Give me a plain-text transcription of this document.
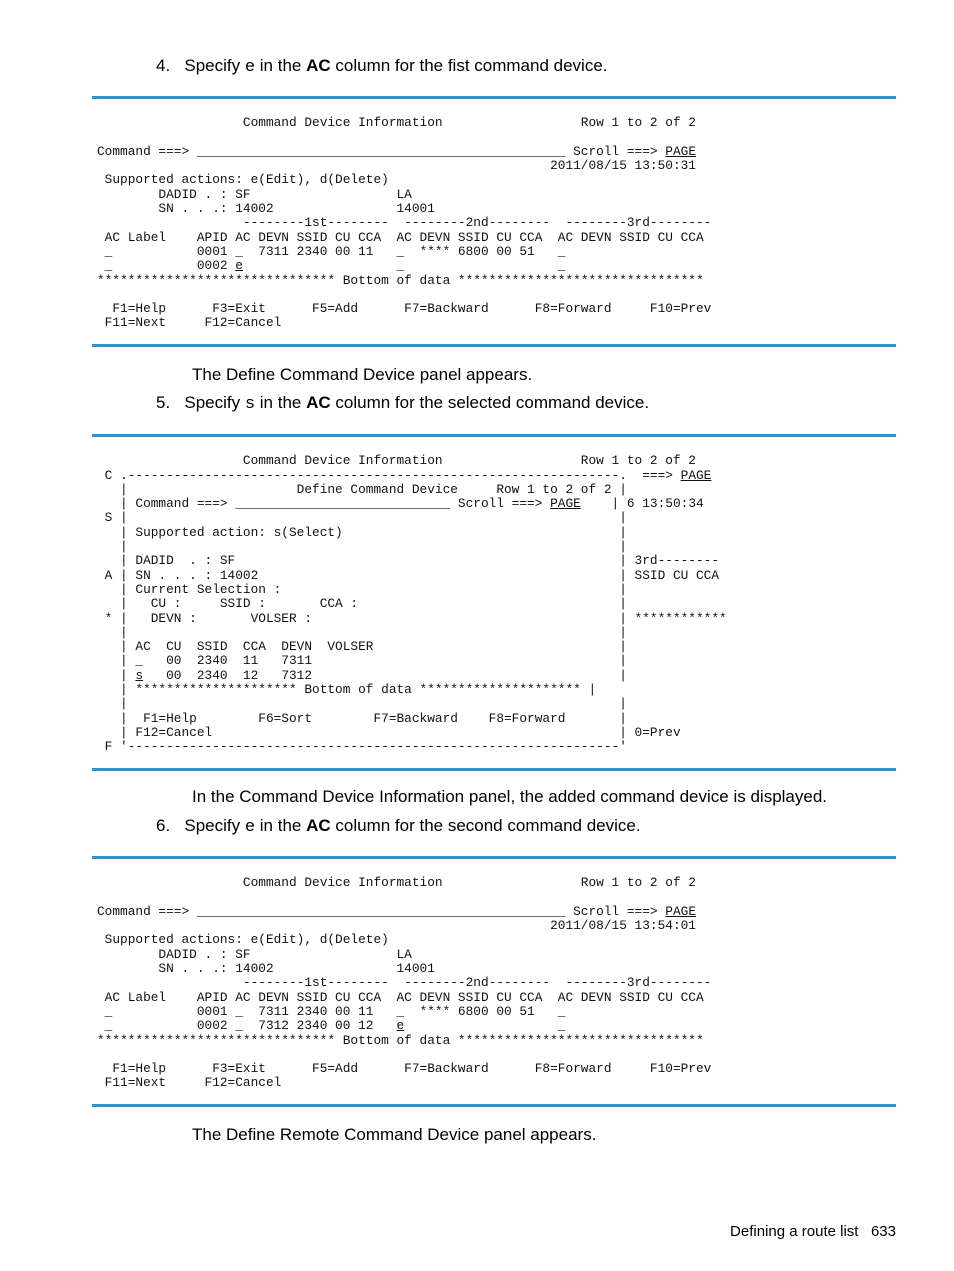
4. Specify e in the AC column for the fist command device.

Command Device Information                  Row 1 to 2 of 2

Command ===> ________________________________________________ Scroll ===> PAGE
2011/08/15 13:50:31
Supported actions: e(Edit), d(Delete)
DADID . : SF                   LA
SN . . .: 14002                14001
--------1st--------  --------2nd--------  --------3rd--------
AC Label    APID AC DEVN SSID CU CCA  AC DEVN SSID CU CCA  AC DEVN SSID CU CCA
_           0001 _  7311 2340 00 11   _  **** 6800 00 51   _
_           0002 e                    _                    _
******************************* Bottom of data ********************************

F1=Help      F3=Exit      F5=Add      F7=Backward      F8=Forward     F10=Prev
F11=Next     F12=Cancel
The Define Command Device panel appears.
5. Specify s in the AC column for the selected command device.

Command Device Information                  Row 1 to 2 of 2
C .----------------------------------------------------------------.  ===> PAGE
|                      Define Command Device     Row 1 to 2 of 2 |
| Command ===> ____________________________ Scroll ===> PAGE    | 6 13:50:34
S |                                                                |
| Supported action: s(Select)                                    |
|                                                                |
| DADID  . : SF                                                  | 3rd--------
A | SN . . . : 14002                                               | SSID CU CCA
| Current Selection :                                            |
|   CU :     SSID :       CCA :                                  |
* |   DEVN :       VOLSER :                                        | ************
|                                                                |
| AC  CU  SSID  CCA  DEVN  VOLSER                                |
| _   00  2340  11   7311                                        |
| s   00  2340  12   7312                                        |
| ********************* Bottom of data ********************* |
|                                                                |
|  F1=Help        F6=Sort        F7=Backward    F8=Forward       |
| F12=Cancel                                                     | 0=Prev
F '----------------------------------------------------------------'
In the Command Device Information panel, the added command device is displayed.
6. Specify e in the AC column for the second command device.

Command Device Information                  Row 1 to 2 of 2

Command ===> ________________________________________________ Scroll ===> PAGE
2011/08/15 13:54:01
Supported actions: e(Edit), d(Delete)
DADID . : SF                   LA
SN . . .: 14002                14001
--------1st--------  --------2nd--------  --------3rd--------
AC Label    APID AC DEVN SSID CU CCA  AC DEVN SSID CU CCA  AC DEVN SSID CU CCA
_           0001 _  7311 2340 00 11   _  **** 6800 00 51   _
_           0002 _  7312 2340 00 12   e                    _
******************************* Bottom of data ********************************

F1=Help      F3=Exit      F5=Add      F7=Backward      F8=Forward     F10=Prev
F11=Next     F12=Cancel
The Define Remote Command Device panel appears.
Defining a route list 633
